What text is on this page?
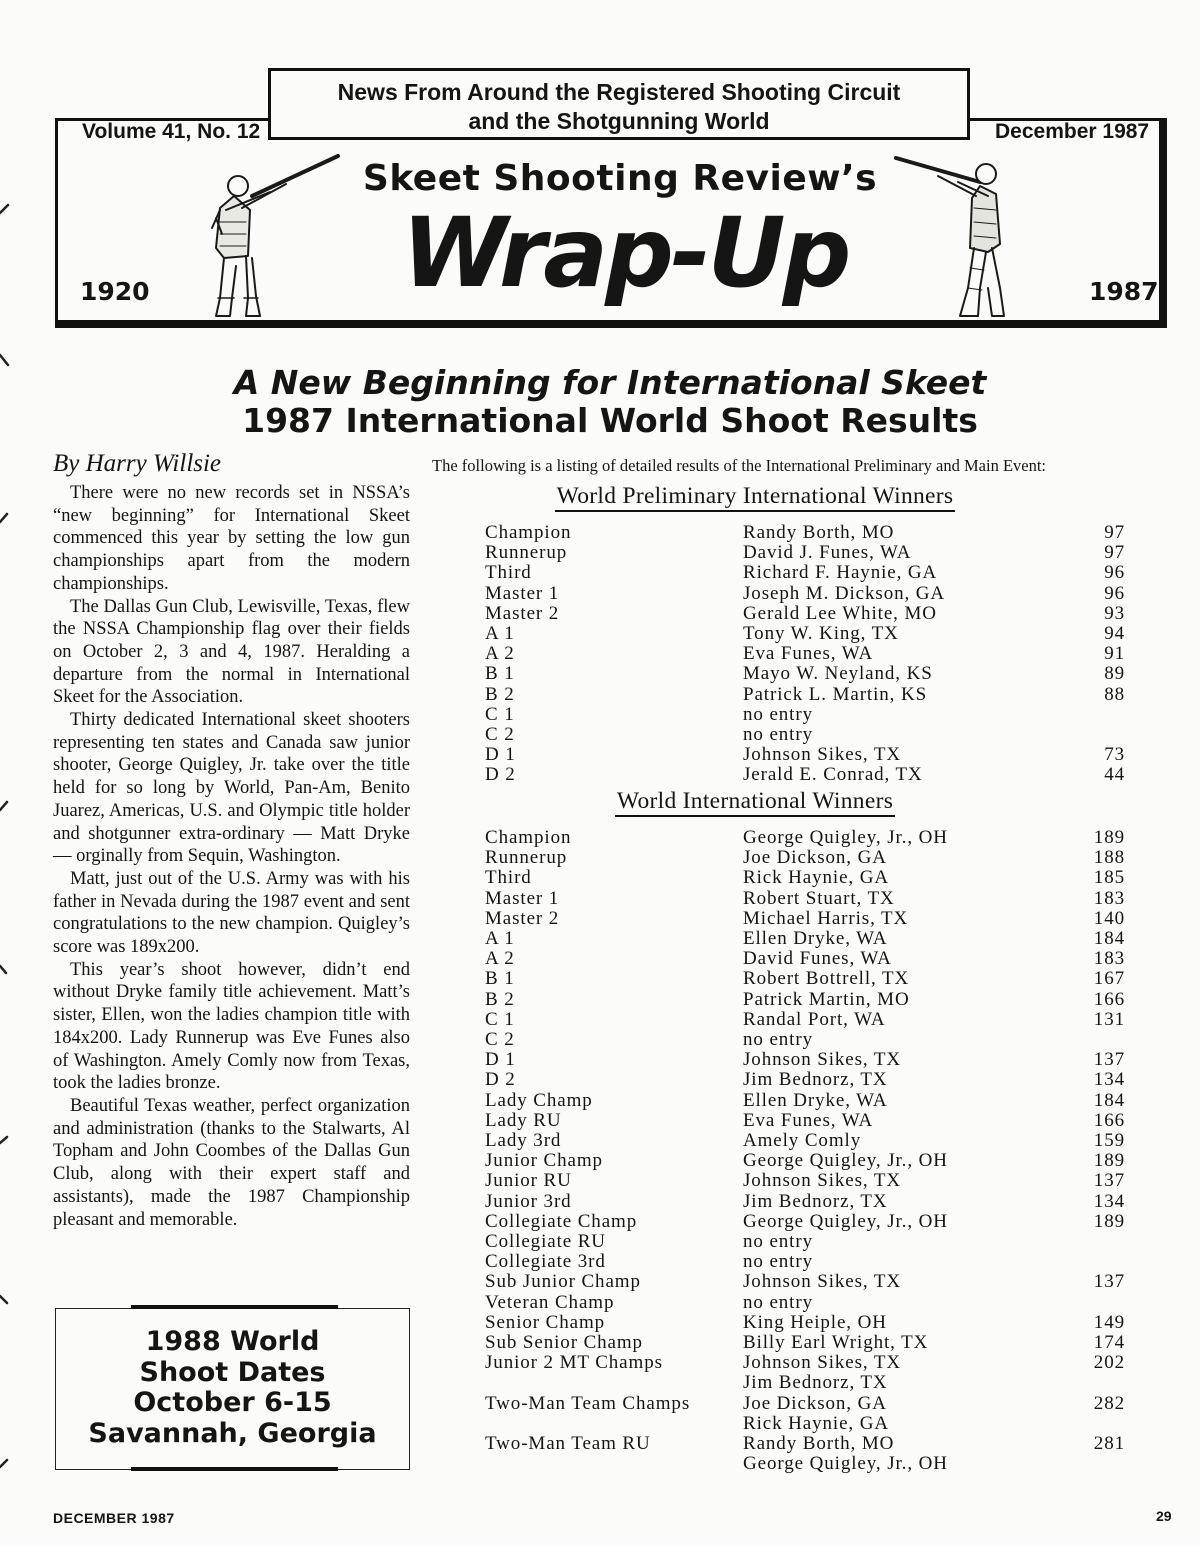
News From Around the Registered Shooting Circuit
and the Shotgunning World
Volume 41, No. 12	December 1987
Skeet Shooting Review’s
Wrap-Up
1920	1987
A New Beginning for International Skeet
1987 International World Shoot Results
By Harry Willsie

There were no new records set in NSSA’s “new beginning” for International Skeet commenced this year by setting the low gun championships apart from the modern championships.

The Dallas Gun Club, Lewisville, Texas, flew the NSSA Championship flag over their fields on October 2, 3 and 4, 1987. Heralding a departure from the normal in International Skeet for the Association.

Thirty dedicated International skeet shooters representing ten states and Canada saw junior shooter, George Quigley, Jr. take over the title held for so long by World, Pan-Am, Benito Juarez, Americas, U.S. and Olympic title holder and shotgunner extra-ordinary — Matt Dryke — orginally from Sequin, Washington.

Matt, just out of the U.S. Army was with his father in Nevada during the 1987 event and sent congratulations to the new champion. Quigley’s score was 189x200.

This year’s shoot however, didn’t end without Dryke family title achievement. Matt’s sister, Ellen, won the ladies champion title with 184x200. Lady Runnerup was Eve Funes also of Washington. Amely Comly now from Texas, took the ladies bronze.

Beautiful Texas weather, perfect organization and administration (thanks to the Stalwarts, Al Topham and John Coombes of the Dallas Gun Club, along with their expert staff and assistants), made the 1987 Championship pleasant and memorable.

1988 World
Shoot Dates
October 6-15
Savannah, Georgia
The following is a listing of detailed results of the International Preliminary and Main Event:
World Preliminary International Winners
Champion	Randy Borth, MO	97
Runnerup	David J. Funes, WA	97
Third	Richard F. Haynie, GA	96
Master 1	Joseph M. Dickson, GA	96
Master 2	Gerald Lee White, MO	93
A 1	Tony W. King, TX	94
A 2	Eva Funes, WA	91
B 1	Mayo W. Neyland, KS	89
B 2	Patrick L. Martin, KS	88
C 1	no entry	
C 2	no entry	
D 1	Johnson Sikes, TX	73
D 2	Jerald E. Conrad, TX	44
World International Winners
Champion	George Quigley, Jr., OH	189
Runnerup	Joe Dickson, GA	188
Third	Rick Haynie, GA	185
Master 1	Robert Stuart, TX	183
Master 2	Michael Harris, TX	140
A 1	Ellen Dryke, WA	184
A 2	David Funes, WA	183
B 1	Robert Bottrell, TX	167
B 2	Patrick Martin, MO	166
C 1	Randal Port, WA	131
C 2	no entry	
D 1	Johnson Sikes, TX	137
D 2	Jim Bednorz, TX	134
Lady Champ	Ellen Dryke, WA	184
Lady RU	Eva Funes, WA	166
Lady 3rd	Amely Comly	159
Junior Champ	George Quigley, Jr., OH	189
Junior RU	Johnson Sikes, TX	137
Junior 3rd	Jim Bednorz, TX	134
Collegiate Champ	George Quigley, Jr., OH	189
Collegiate RU	no entry	
Collegiate 3rd	no entry	
Sub Junior Champ	Johnson Sikes, TX	137
Veteran Champ	no entry	
Senior Champ	King Heiple, OH	149
Sub Senior Champ	Billy Earl Wright, TX	174
Junior 2 MT Champs	Johnson Sikes, TX	202
	Jim Bednorz, TX	
Two-Man Team Champs	Joe Dickson, GA	282
	Rick Haynie, GA	
Two-Man Team RU	Randy Borth, MO	281
	George Quigley, Jr., OH	
DECEMBER 1987	29
